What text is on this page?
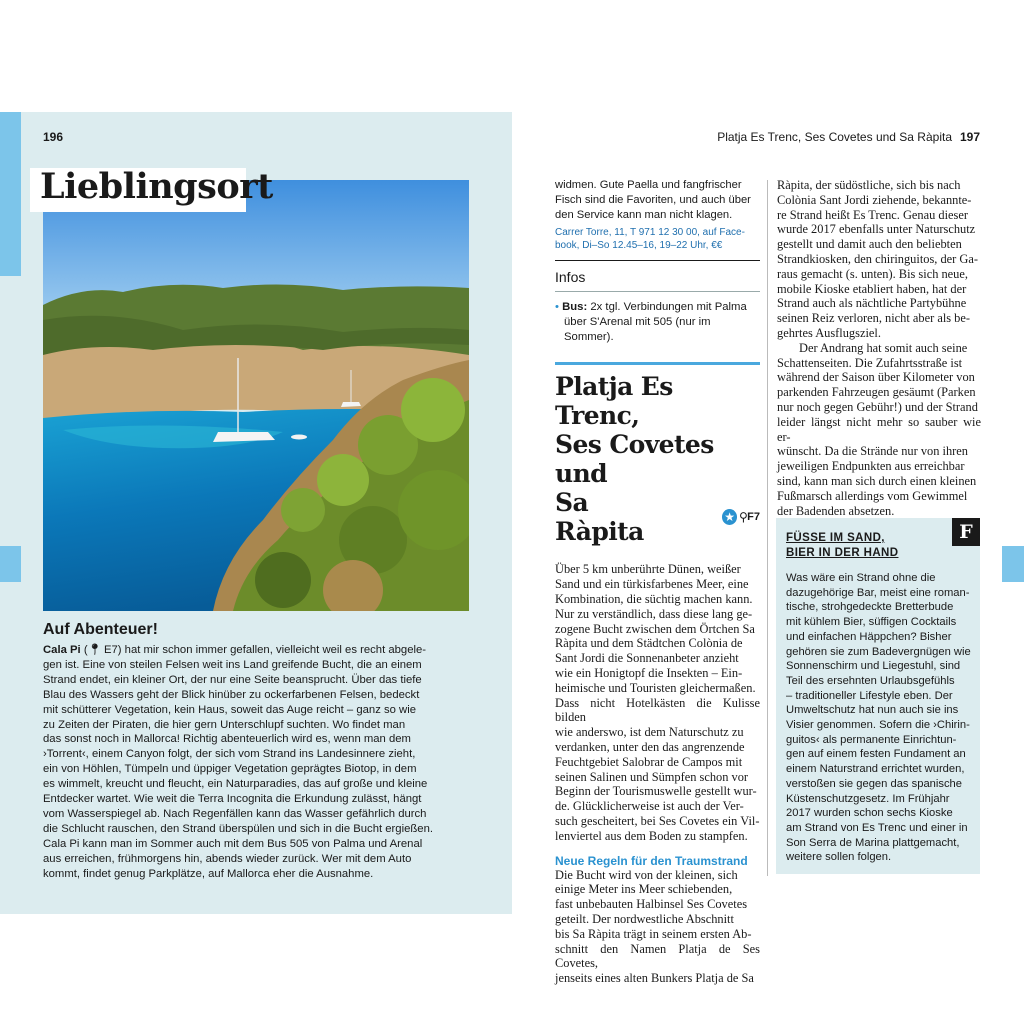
196
Lieblingsort
Auf Abenteuer!
Cala Pi (📍︎ E7) hat mir schon immer gefallen, vielleicht weil es recht abgele-
gen ist. Eine von steilen Felsen weit ins Land greifende Bucht, die an einem
Strand endet, ein kleiner Ort, der nur eine Seite beansprucht. Über das tiefe
Blau des Wassers geht der Blick hinüber zu ockerfarbenen Felsen, bedeckt
mit schütterer Vegetation, kein Haus, soweit das Auge reicht – ganz so wie
zu Zeiten der Piraten, die hier gern Unterschlupf suchten. Wo findet man
das sonst noch in Mallorca! Richtig abenteuerlich wird es, wenn man dem
›Torrent‹, einem Canyon folgt, der sich vom Strand ins Landesinnere zieht,
ein von Höhlen, Tümpeln und üppiger Vegetation geprägtes Biotop, in dem
es wimmelt, kreucht und fleucht, ein Naturparadies, das auf große und kleine
Entdecker wartet. Wie weit die Terra Incognita die Erkundung zulässt, hängt
vom Wasserspiegel ab. Nach Regenfällen kann das Wasser gefährlich durch
die Schlucht rauschen, den Strand überspülen und sich in die Bucht ergießen.
Cala Pi kann man im Sommer auch mit dem Bus 505 von Palma und Arenal
aus erreichen, frühmorgens hin, abends wieder zurück. Wer mit dem Auto
kommt, findet genug Parkplätze, auf Mallorca eher die Ausnahme.
Platja Es Trenc, Ses Covetes und Sa Ràpita 197
widmen. Gute Paella und fangfrischer
Fisch sind die Favoriten, und auch über
den Service kann man nicht klagen.
Carrer Torre, 11, T 971 12 30 00, auf Face-
book, Di–So 12.45–16, 19–22 Uhr, €€
Infos
• Bus: 2x tgl. Verbindungen mit Palma
über S'Arenal mit 505 (nur im Sommer).
Platja Es Trenc,
Ses Covetes und
Sa Ràpita	★ ⚲ F7
Über 5 km unberührte Dünen, weißer
Sand und ein türkisfarbenes Meer, eine
Kombination, die süchtig machen kann.
Nur zu verständlich, dass diese lang ge-
zogene Bucht zwischen dem Örtchen Sa
Ràpita und dem Städtchen Colònia de
Sant Jordi die Sonnenanbeter anzieht
wie ein Honigtopf die Insekten – Ein-
heimische und Touristen gleichermaßen.
Dass nicht Hotelkästen die Kulisse bilden
wie anderswo, ist dem Naturschutz zu
verdanken, unter den das angrenzende
Feuchtgebiet Salobrar de Campos mit
seinen Salinen und Sümpfen schon vor
Beginn der Tourismuswelle gestellt wur-
de. Glücklicherweise ist auch der Ver-
such gescheitert, bei Ses Covetes ein Vil-
lenviertel aus dem Boden zu stampfen.
Neue Regeln für den Traumstrand
Die Bucht wird von der kleinen, sich
einige Meter ins Meer schiebenden,
fast unbebauten Halbinsel Ses Covetes
geteilt. Der nordwestliche Abschnitt
bis Sa Ràpita trägt in seinem ersten Ab-
schnitt den Namen Platja de Ses Covetes,
jenseits eines alten Bunkers Platja de Sa
Ràpita, der südöstliche, sich bis nach
Colònia Sant Jordi ziehende, bekannte-
re Strand heißt Es Trenc. Genau dieser
wurde 2017 ebenfalls unter Naturschutz
gestellt und damit auch den beliebten
Strandkiosken, den chiringuitos, der Ga-
raus gemacht (s. unten). Bis sich neue,
mobile Kioske etabliert haben, hat der
Strand auch als nächtliche Partybühne
seinen Reiz verloren, nicht aber als be-
gehrtes Ausflugsziel.
Der Andrang hat somit auch seine
Schattenseiten. Die Zufahrtsstraße ist
während der Saison über Kilometer von
parkenden Fahrzeugen gesäumt (Parken
nur noch gegen Gebühr!) und der Strand
leider längst nicht mehr so sauber wie er-
wünscht. Da die Strände nur von ihren
jeweiligen Endpunkten aus erreichbar
sind, kann man sich durch einen kleinen
Fußmarsch allerdings vom Gewimmel
der Badenden absetzen.
F
FÜSSE IM SAND,
BIER IN DER HAND
Was wäre ein Strand ohne die
dazugehörige Bar, meist eine roman-
tische, strohgedeckte Bretterbude
mit kühlem Bier, süffigen Cocktails
und einfachen Häppchen? Bisher
gehören sie zum Badevergnügen wie
Sonnenschirm und Liegestuhl, sind
Teil des ersehnten Urlaubsgefühls
– traditioneller Lifestyle eben. Der
Umweltschutz hat nun auch sie ins
Visier genommen. Sofern die ›Chirin-
guitos‹ als permanente Einrichtun-
gen auf einem festen Fundament an
einem Naturstrand errichtet wurden,
verstoßen sie gegen das spanische
Küstenschutzgesetz. Im Frühjahr
2017 wurden schon sechs Kioske
am Strand von Es Trenc und einer in
Son Serra de Marina plattgemacht,
weitere sollen folgen.
